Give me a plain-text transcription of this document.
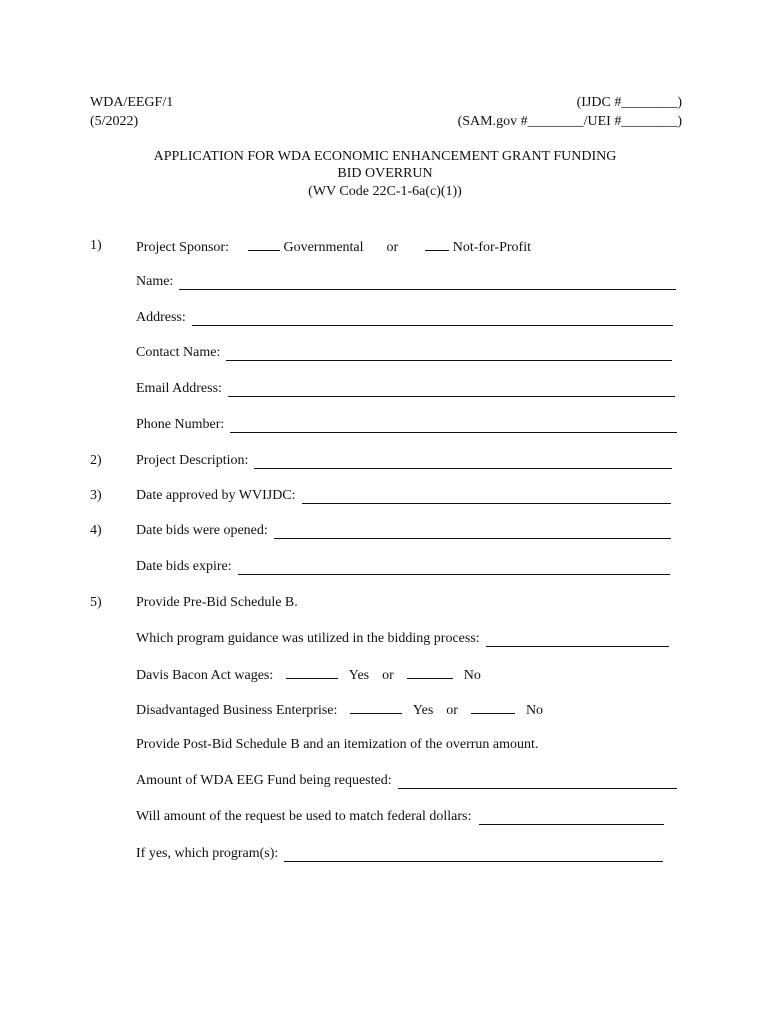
WDA/EEGF/1
(5/2022)
(IJDC #________)
(SAM.gov #________/UEI #________)
APPLICATION FOR WDA ECONOMIC ENHANCEMENT GRANT FUNDING
BID OVERRUN
(WV Code 22C-1-6a(c)(1))
1) Project Sponsor:	Governmental or	Not-for-Profit
Name:
Address:
Contact Name:
Email Address:
Phone Number:
2) Project Description:
3) Date approved by WVIJDC:
4) Date bids were opened:
Date bids expire:
5) Provide Pre-Bid Schedule B.
Which program guidance was utilized in the bidding process:
Davis Bacon Act wages:	Yes or	No
Disadvantaged Business Enterprise:	Yes or	No
Provide Post-Bid Schedule B and an itemization of the overrun amount.
Amount of WDA EEG Fund being requested:
Will amount of the request be used to match federal dollars:
If yes, which program(s):
